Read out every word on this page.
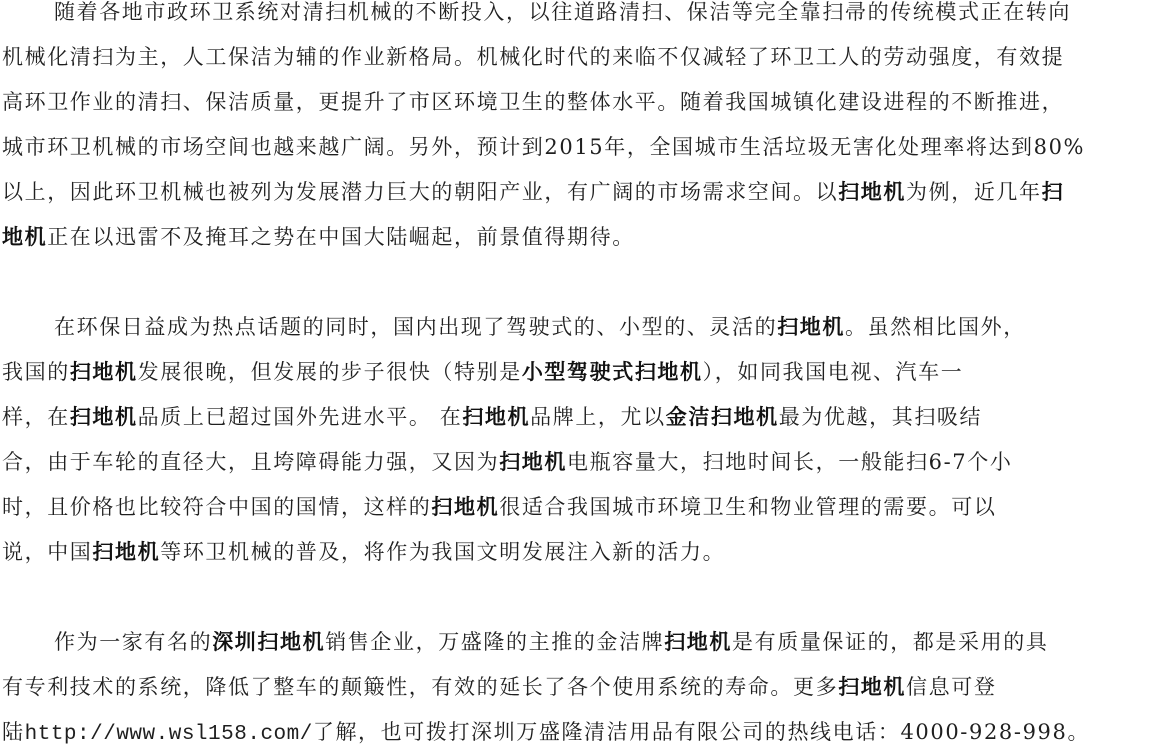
随着各地市政环卫系统对清扫机械的不断投入，以往道路清扫、保洁等完全靠扫帚的传统模式正在转向
机械化清扫为主，人工保洁为辅的作业新格局。机械化时代的来临不仅减轻了环卫工人的劳动强度，有效提
高环卫作业的清扫、保洁质量，更提升了市区环境卫生的整体水平。随着我国城镇化建设进程的不断推进，
城市环卫机械的市场空间也越来越广阔。另外，预计到2015年，全国城市生活垃圾无害化处理率将达到80%
以上，因此环卫机械也被列为发展潜力巨大的朝阳产业，有广阔的市场需求空间。以扫地机为例，近几年扫
地机正在以迅雷不及掩耳之势在中国大陆崛起，前景值得期待。
在环保日益成为热点话题的同时，国内出现了驾驶式的、小型的、灵活的扫地机。虽然相比国外，
我国的扫地机发展很晚，但发展的步子很快（特别是小型驾驶式扫地机），如同我国电视、汽车一
样，在扫地机品质上已超过国外先进水平。 在扫地机品牌上，尤以金洁扫地机最为优越，其扫吸结
合，由于车轮的直径大，且垮障碍能力强，又因为扫地机电瓶容量大，扫地时间长，一般能扫6-7个小
时，且价格也比较符合中国的国情，这样的扫地机很适合我国城市环境卫生和物业管理的需要。可以
说，中国扫地机等环卫机械的普及，将作为我国文明发展注入新的活力。
作为一家有名的深圳扫地机销售企业，万盛隆的主推的金洁牌扫地机是有质量保证的，都是采用的具
有专利技术的系统，降低了整车的颠簸性，有效的延长了各个使用系统的寿命。更多扫地机信息可登
陆http://www.wsl158.com/了解，也可拨打深圳万盛隆清洁用品有限公司的热线电话：4000-928-998。
